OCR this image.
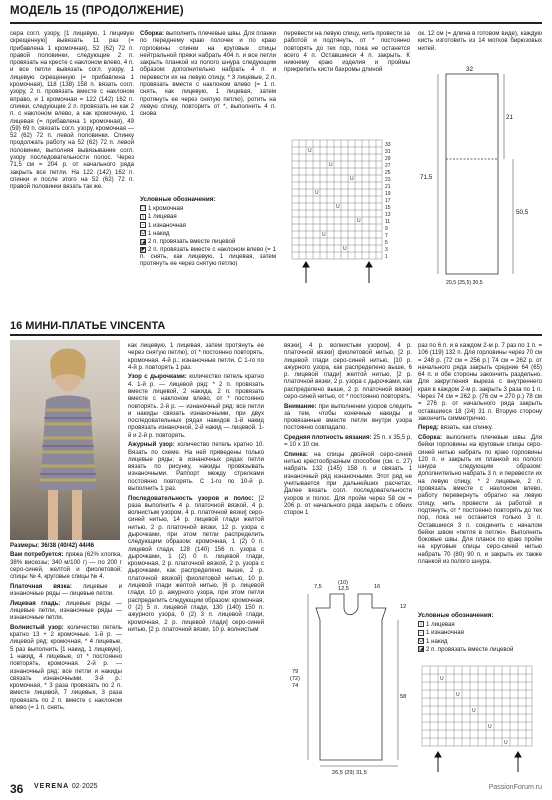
МОДЕЛЬ 15 (ПРОДОЛЖЕНИЕ)
сера согл. узору, [1 лицевую, 1 лицевую скрещенную] вывязать 11 раз (= прибавлена 1 кромочная), 52 (62) 72 п. правой половинки, следующие 2 п. провязать на кресте с наклоном влево, 4 п. и все петли вывязать согл. узору, 1 лицевую скрещенную (= прибавлена 1 кромочная), 118 (138) 158 п. вязать согл. узору, 2 п. провязать вместе с наклоном вправо, и 1 кромочная = 122 (142) 162 п. спинки, следующие 2 п. провязать не как 2 п. с наклоном влево, а как кромочную, 1 лицевая (= прибавлена 1 кромочная), 49 (59) 69 п. связать согл. узору, кромочная — 52 (62) 72 п. левой половинки. Спинку продолжать работу на 52 (62) 72 п. левой половинки, выполняя вывязывание согл. узору последовательности полос. Через 71,5 см = 204 р. от начального ряда закрыть все петли. На 122 (142) 162 п. спинки и после этого на 52 (62) 72 п. правой половинки вязать так же.
Сборка: выполнить плечевые швы. Для планки по переднему краю полочек и по краю горловины спинки на круговые спицы нейтральной пряжи набрать 404 п. и все петли закрыть планкой из полого шнура следующим образом: дополнительно набрать 4 п. и перевести их на левую спицу, * 3 лицевые, 2 п. провязать вместе с наклоном влево (= 1 п. снять, как лицевую, 1 лицевая, затем протянуть ее через снятую петлю), ротить на левую спицу, повторить от *, выполнить 4 п. снова
Условные обозначения:
□ 1 кромочная
| 1 лицевая
- 1 изнаночная
U 1 накид
◪ 2 п. провязать вместе лицевой
◩ 2 п. провязать вместе с наклоном влево (= 1 п. снять, как лицевую, 1 лицевая, затем протянуть ее через снятую петлю)
перевести на левую спицу, нить провести за работой и подтянуть, от * постоянно повторять до тех пор, пока не останется всего 4 п. Оставшиеся 4 п. закрыть. К нижнему краю изделия и проймы прикрепить кисти бахромы длиной
U
U
U
U
U
U
U
U
33
31
29
27
25
23
21
19
17
15
13
11
9
7
5
3
1
ок. 12 см (= длина в готовом виде), каждую кисть изготовить из 14 мотков бирюзовых нитей.
32
21
71,5
50,5
20,5 (25,5) 30,5
16 МИНИ-ПЛАТЬЕ VINCENTA
Размеры: 36/38 (40/42) 44/46
Вам потребуется: пряжа (62% хлопка, 38% вискозы; 340 м/100 г) — по 200 г серо-синей, желтой и фиолетовой; спицы № 4, круговые спицы № 4.
Платочная вязка: лицевые и изнаночные ряды — лицевые петли.
Лицевая гладь: лицевые ряды — лицевые петли, изнаночные ряды — изнаночные петли.
Волнистый узор: количество петель кратно 13 + 2 кромочные. 1-й р. — лицевой ряд: кромочная, * 4 лицевые, 5 раз выполнить [1 накид, 1 лицевую], 1 накид, 4 лицевые, от * постоянно повторять, кромочная. 2-й р. — изнаночный ряд: все петли и накиды связать изнаночными. 3-й р.: кромочная, * 3 раза провязать по 2 п. вместе лицевой, 7 лицевых, 3 раза провязать по 2 п. вместе с наклоном влево (= 1 п. снять,
как лицевую, 1 лицевая, затем протянуть ее через снятую петлю), от * постоянно повторять, кромочная. 4-й р.: изнаночные петли. С 1-го по 4-й р. повторять 1 раз.
Узор с дырочками: количество петель кратно 4. 1-й р. — лицевой ряд: * 2 п. провязать вместе лицевой, 2 накида, 2 п. провязать вместе с наклоном влево, от * постоянно повторять. 2-й р. — изнаночный ряд: все петли и накиды связать изнаночными, при двух последовательных рядах накидов 1-й накид провязать изнаночной, 2-й накид — лицевой. 1-й и 2-й р. повторять.
Ажурный узор: количество петель кратно 10. Вязать по схеме. На ней приведены только лицевые ряды; в изнаночных рядах петли вязать по рисунку, накиды провязывать изнаночными. Раппорт между стрелками постоянно повторять. С 1-го по 10-й р. выполнить 1 раз.
Последовательность узоров и полос: [2 раза выполнить 4 р. платочной вязкой, 4 р. волнистым узором, 4 р. платочной вязки] серо-синей нитью, 14 р. лицевой глади желтой нитью, 2 р. платочной вязки, 12 р. узора с дырочками, при этом петли распределить следующим образом: кромочная, 1 (2) 0 п. лицевой глади, 128 (140) 156 п. узора с дырочками, 1 (2) 0 п. лицевой глади, кромочная, 2 р. платочной вязкой, 2 р. узора с дырочками, как распределено выше, 2 р. платочной вязкой] фиолетовой нитью, 10 р. лицевой глади желтой нитью, [6 р. лицевой глади, 10 р. ажурного узора, при этом петли распределить следующим образом: кромочная, 0 (2) 5 п. лицевой глади, 130 (140) 150 п. ажурного узора, 0 (2) 3 п. лицевой глади, кромочная, 2 р. лицевой глади] серо-синей нитью, [2 р. платочной вязки, 10 р. волнистым
вязки], 4 р. волнистым узором], 4 р. платочной вязки] фиолетовой нитью, [2 р. лицевой глади серо-синей нитью, [10 р. ажурного узора, как распределено выше, 6 р. лицевой глади] желтой нитью, [2 р. платочной вязки, 2 р. узора с дырочками, как распределено выше, 2 р. платочной вязки] серо-синей нитью, от * постоянно повторять.
Внимание: при выполнении узоров следить за тем, чтобы конечные накиды и провязанные вместе петли внутри узора постоянно совпадало.
Средняя плотность вязания: 25 п. x 35,5 р. = 10 x 10 см.
Спинка: на спицы двойной серо-синей нитью крестообразным способом (см. с. 27) набрать 132 (145) 158 п. и связать 1 изнаночный ряд изнаночными. Этот ряд не учитывается при дальнейших расчетах. Далее вязать согл. последовательности узоров и полос. Для пройм через 58 см = 206 р. от начального ряда закрыть с обеих сторон 1
7,5
(10)
12,5	16
79
(72)
74
12
58
26,5 (29) 31,5
раз по 6 п. и в каждом 2-м р. 7 раз по 1 п. = 106 (119) 132 п. Для горловины через 70 см = 248 р. (72 см = 256 р.) 74 см = 262 р. от начального ряда закрыть средние 64 (65) 64 п. и обе стороны закончить раздельно. Для закругления выреза с внутреннего края в каждом 2-м р. закрыть 3 раза по 1 п. Через 74 см = 262 р. (76 см = 270 р.) 78 см = 276 р. от начального ряда закрыть оставшиеся 18 (24) 31 п. Вторую сторону закончить симметрично.
Перед: вязать, как спинку.
Сборка: выполнить плечевые швы. Для бейки горловины на круговые спицы серо-синей нитью набрать по краю горловины 120 п. и закрыть их планкой из полого шнура следующим образом: дополнительно набрать 3 п. и перевести их на левую спицу, * 2 лицевые, 2 п. провязать вместе с наклоном влево, работу перевернуть обратно на левую спицу, нить провести за работой и подтянуть, от * постоянно повторять до тех пор, пока не останется только 3 п. Оставшиеся 3 п. соединить с началом бейки швом «петля в петлю». Выполнить боковые швы. Для планок по краю пройм на круговые спицы серо-синей нитью набрать 70 (80) 90 п. и закрыть их также планкой из полого шнура.
Условные обозначения:
| 1 лицевая
- 1 изнаночная
U 1 накид
◪ 2 п. провязать вместе лицевой
U
U
U
U
U
36 VERENA 02·2025	PassionForum.ru
